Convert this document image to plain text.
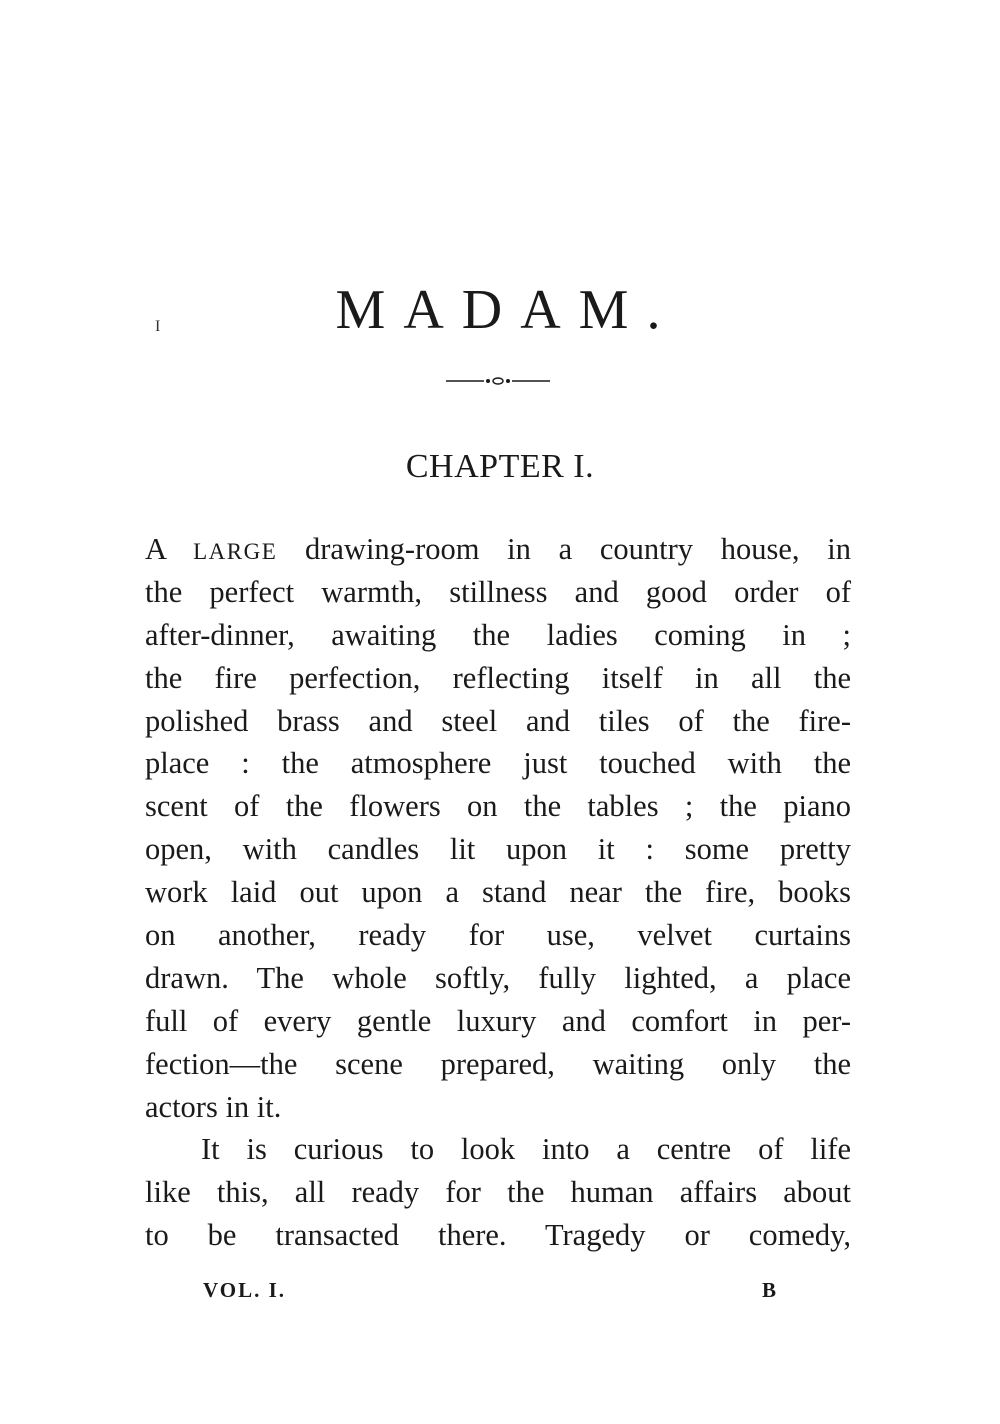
I	MADAM.
CHAPTER I.
A LARGE drawing-room in a country house, in
the perfect warmth, stillness and good order of
after-dinner, awaiting the ladies coming in ;
the fire perfection, reflecting itself in all the
polished brass and steel and tiles of the fire-
place : the atmosphere just touched with the
scent of the flowers on the tables ; the piano
open, with candles lit upon it : some pretty
work laid out upon a stand near the fire, books
on another, ready for use, velvet curtains
drawn. The whole softly, fully lighted, a place
full of every gentle luxury and comfort in per-
fection—the scene prepared, waiting only the
actors in it.
It is curious to look into a centre of life
like this, all ready for the human affairs about
to be transacted there. Tragedy or comedy,
VOL. I.	B
